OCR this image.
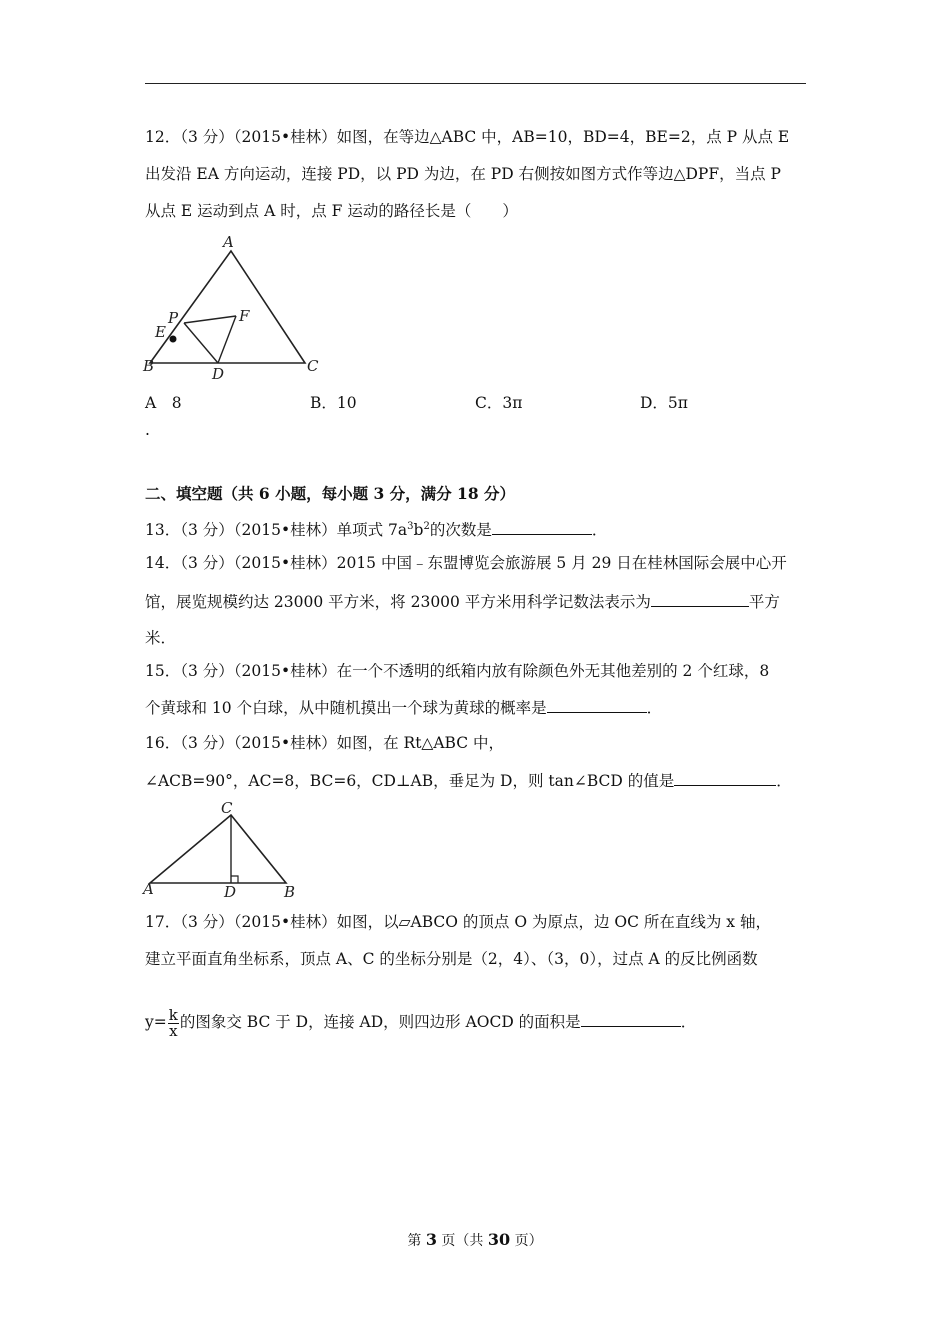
12．（3 分）（2015•桂林）如图，在等边△ABC 中，AB=10，BD=4，BE=2，点 P 从点 E
出发沿 EA 方向运动，连接 PD，以 PD 为边，在 PD 右侧按如图方式作等边△DPF，当点 P
从点 E 运动到点 A 时，点 F 运动的路径长是（　　）
A
P	F
E
B	D	C
A　8
.
B．10	C．3π	D．5π
二、填空题（共 6 小题，每小题 3 分，满分 18 分）
13．（3 分）（2015•桂林）单项式 $7a^3b^2$的次数是	．
14．（3 分）（2015•桂林）2015 中国﹣东盟博览会旅游展 5 月 29 日在桂林国际会展中心开
馆，展览规模约达 23000 平方米，将 23000 平方米用科学记数法表示为	平方
米．
15．（3 分）（2015•桂林）在一个不透明的纸箱内放有除颜色外无其他差别的 2 个红球，8
个黄球和 10 个白球，从中随机摸出一个球为黄球的概率是	．
16．（3 分）（2015•桂林）如图，在 Rt△ABC 中，
∠ACB=90°，AC=8，BC=6，CD⊥AB，垂足为 D，则 tan∠BCD 的值是	．
C
A	D	B
17．（3 分）（2015•桂林）如图，以▱ABCO 的顶点 O 为原点，边 OC 所在直线为 x 轴，
建立平面直角坐标系，顶点 A、C 的坐标分别是（2，4）、（3，0），过点 A 的反比例函数
$y= \frac{k}{x}$ 的图象交 BC 于 D，连接 AD，则四边形 AOCD 的面积是	．
第 3 页（共 30 页）
